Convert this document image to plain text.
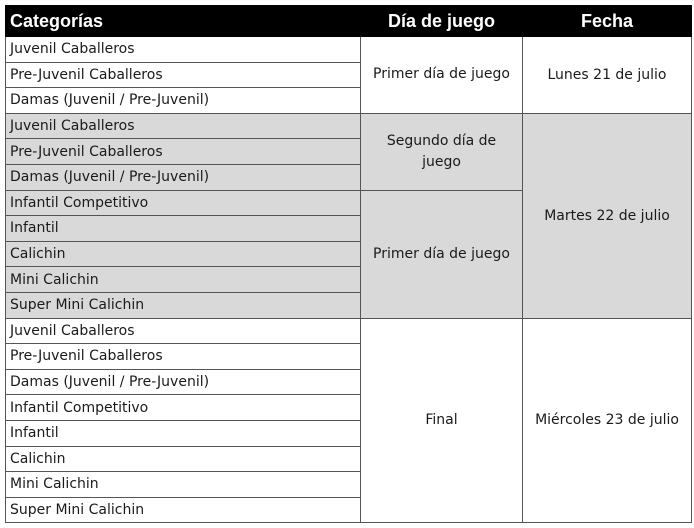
Categorías	Día de juego	Fecha
Juvenil Caballeros	Primer día de juego	Lunes 21 de julio
Pre-Juvenil Caballeros		
Damas (Juvenil / Pre-Juvenil)		
Juvenil Caballeros	Segundo día de juego	Martes 22 de julio
Pre-Juvenil Caballeros		
Damas (Juvenil / Pre-Juvenil)		
Infantil Competitivo	Primer día de juego	
Infantil		
Calichin		
Mini Calichin		
Super Mini Calichin		
Juvenil Caballeros	Final	Miércoles 23 de julio
Pre-Juvenil Caballeros		
Damas (Juvenil / Pre-Juvenil)		
Infantil Competitivo		
Infantil		
Calichin		
Mini Calichin		
Super Mini Calichin		
